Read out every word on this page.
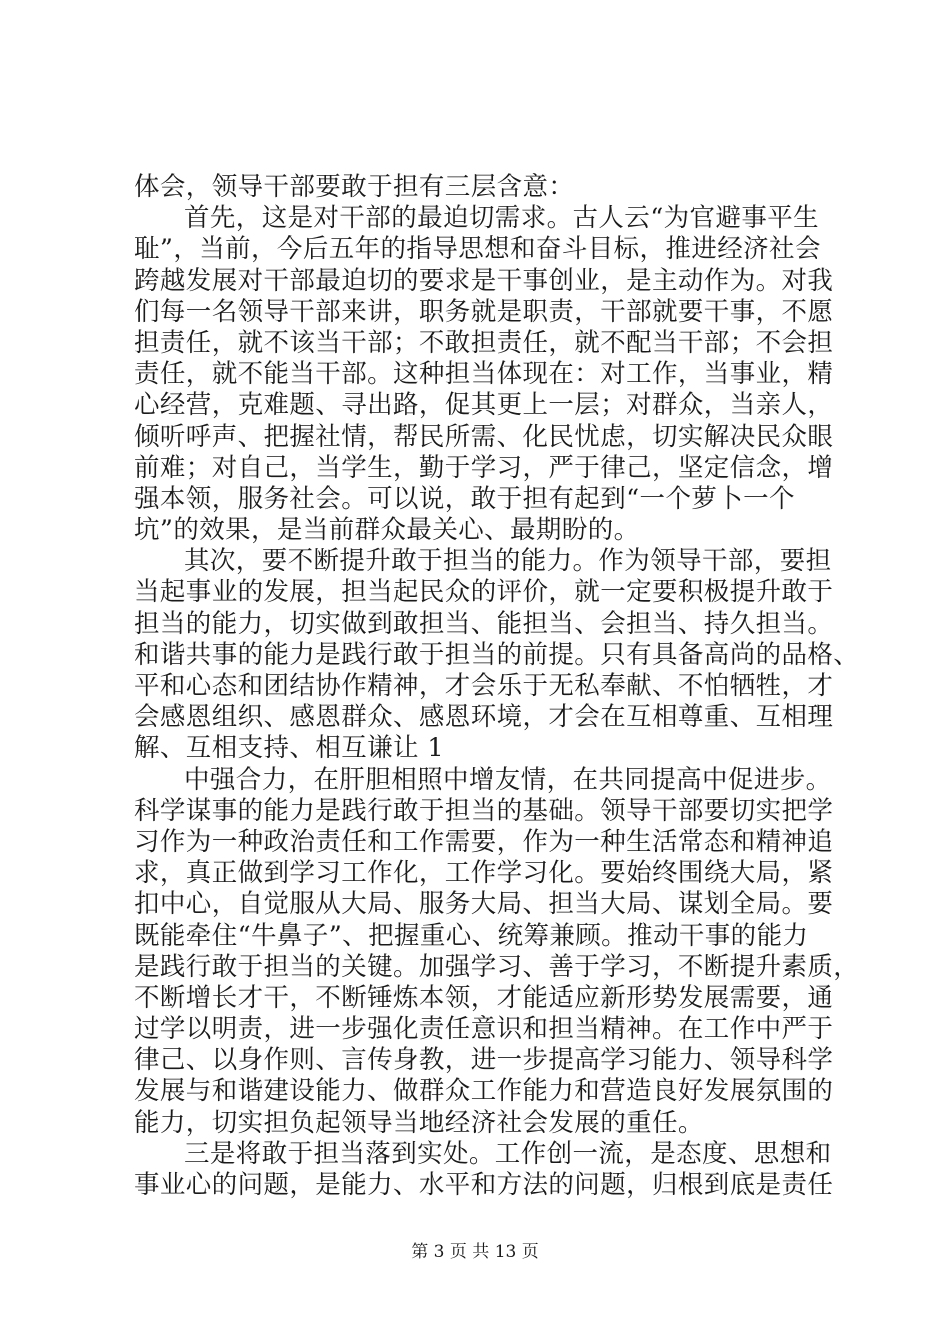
体会，领导干部要敢于担有三层含意：
首先，这是对干部的最迫切需求。古人云“为官避事平生
耻”，当前，今后五年的指导思想和奋斗目标，推进经济社会
跨越发展对干部最迫切的要求是干事创业，是主动作为。对我
们每一名领导干部来讲，职务就是职责，干部就要干事，不愿
担责任，就不该当干部；不敢担责任，就不配当干部；不会担
责任，就不能当干部。这种担当体现在：对工作，当事业，精
心经营，克难题、寻出路，促其更上一层；对群众，当亲人，
倾听呼声、把握社情，帮民所需、化民忧虑，切实解决民众眼
前难；对自己，当学生，勤于学习，严于律己，坚定信念，增
强本领，服务社会。可以说，敢于担有起到“一个萝卜一个
坑”的效果，是当前群众最关心、最期盼的。
其次，要不断提升敢于担当的能力。作为领导干部，要担
当起事业的发展，担当起民众的评价，就一定要积极提升敢于
担当的能力，切实做到敢担当、能担当、会担当、持久担当。
和谐共事的能力是践行敢于担当的前提。只有具备高尚的品格、
平和心态和团结协作精神，才会乐于无私奉献、不怕牺牲，才
会感恩组织、感恩群众、感恩环境，才会在互相尊重、互相理
解、互相支持、相互谦让 1
中强合力，在肝胆相照中增友情，在共同提高中促进步。
科学谋事的能力是践行敢于担当的基础。领导干部要切实把学
习作为一种政治责任和工作需要，作为一种生活常态和精神追
求，真正做到学习工作化，工作学习化。要始终围绕大局，紧
扣中心，自觉服从大局、服务大局、担当大局、谋划全局。要
既能牵住“牛鼻子”、把握重心、统筹兼顾。推动干事的能力
是践行敢于担当的关键。加强学习、善于学习，不断提升素质，
不断增长才干，不断锤炼本领，才能适应新形势发展需要，通
过学以明责，进一步强化责任意识和担当精神。在工作中严于
律己、以身作则、言传身教，进一步提高学习能力、领导科学
发展与和谐建设能力、做群众工作能力和营造良好发展氛围的
能力，切实担负起领导当地经济社会发展的重任。
三是将敢于担当落到实处。工作创一流，是态度、思想和
事业心的问题，是能力、水平和方法的问题，归根到底是责任
第 3 页 共 13 页
